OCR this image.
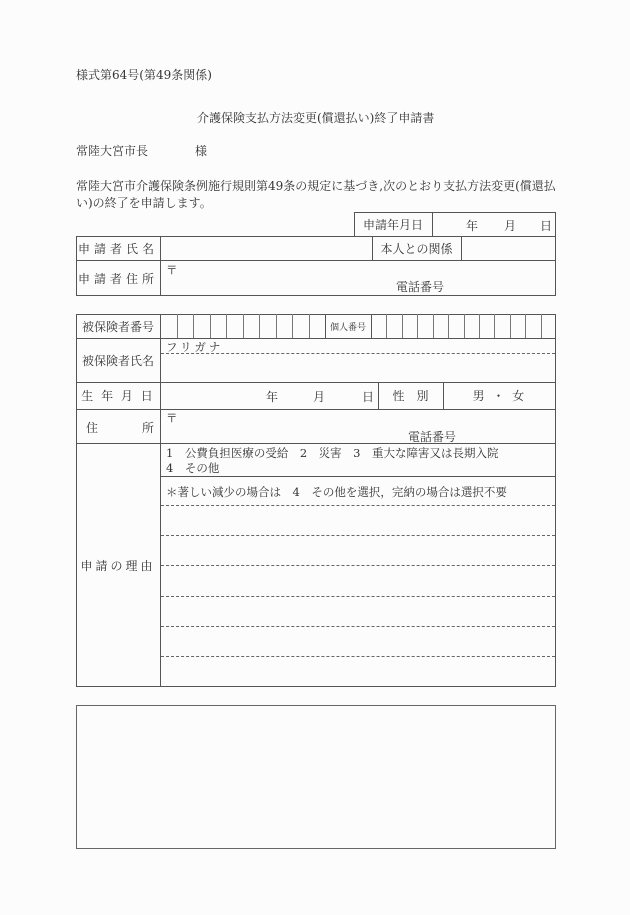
様式第64号(第49条関係)
介護保険支払方法変更(償還払い)終了申請書
常陸大宮市長	様
常陸大宮市介護保険条例施行規則第49条の規定に基づき,次のとおり支払方法変更(償還払い)の終了を申請します。
申請年月日	年 月 日
申請者氏名	本人との関係
申請者住所
〒
電話番号
被保険者番号	個人番号
被保険者氏名
フリガナ
生 年 月 日	年	月	日	性　別	男 ・ 女
住	所
〒
電話番号
申請の理由
1　公費負担医療の受給　2　災害　3　重大な障害又は長期入院
4　その他
＊著しい減少の場合は　4　その他を選択，完納の場合は選択不要
